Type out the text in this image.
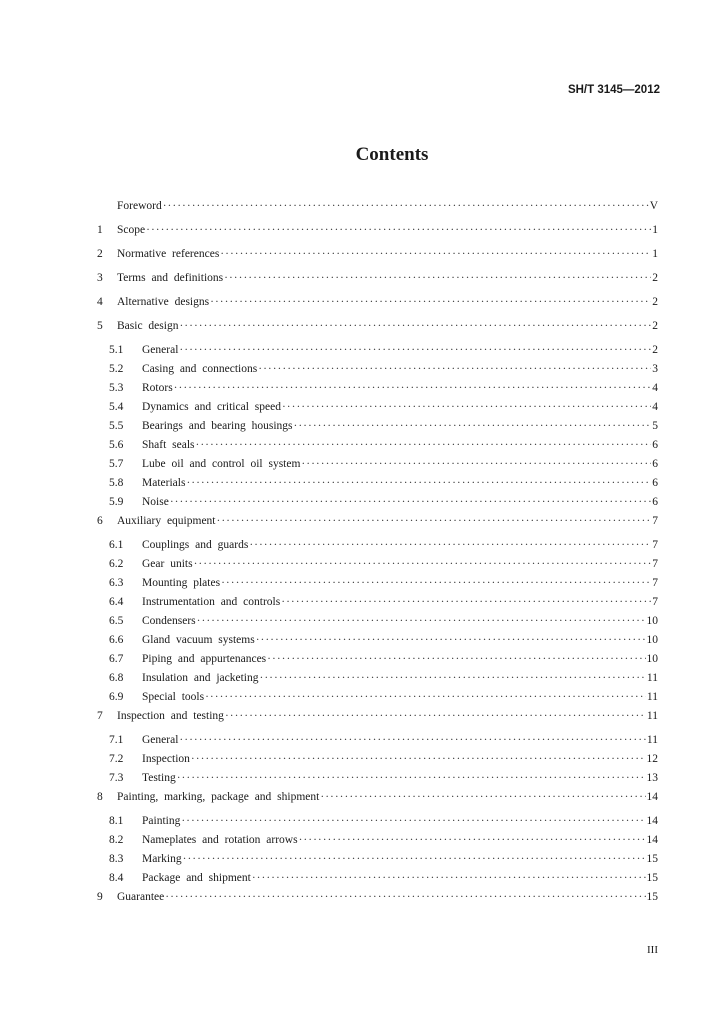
SH/T 3145—2012
Contents
Foreword ·····	V
1	Scope ·····	1
2	Normative references ·····	1
3	Terms and definitions ·····	2
4	Alternative designs ·····	2
5	Basic design ·····	2
5.1	General ·····	2
5.2	Casing and connections ·····	3
5.3	Rotors ·····	4
5.4	Dynamics and critical speed ·····	4
5.5	Bearings and bearing housings ·····	5
5.6	Shaft seals ·····	6
5.7	Lube oil and control oil system ·····	6
5.8	Materials ·····	6
5.9	Noise ·····	6
6	Auxiliary equipment ·····	7
6.1	Couplings and guards ·····	7
6.2	Gear units ·····	7
6.3	Mounting plates ·····	7
6.4	Instrumentation and controls ·····	7
6.5	Condensers ·····	10
6.6	Gland vacuum systems ·····	10
6.7	Piping and appurtenances ·····	10
6.8	Insulation and jacketing ·····	11
6.9	Special tools ·····	11
7	Inspection and testing ·····	11
7.1	General ·····	11
7.2	Inspection ·····	12
7.3	Testing ·····	13
8	Painting, marking, package and shipment ·····	14
8.1	Painting ·····	14
8.2	Nameplates and rotation arrows ·····	14
8.3	Marking ·····	15
8.4	Package and shipment ·····	15
9	Guarantee ·····	15
III
